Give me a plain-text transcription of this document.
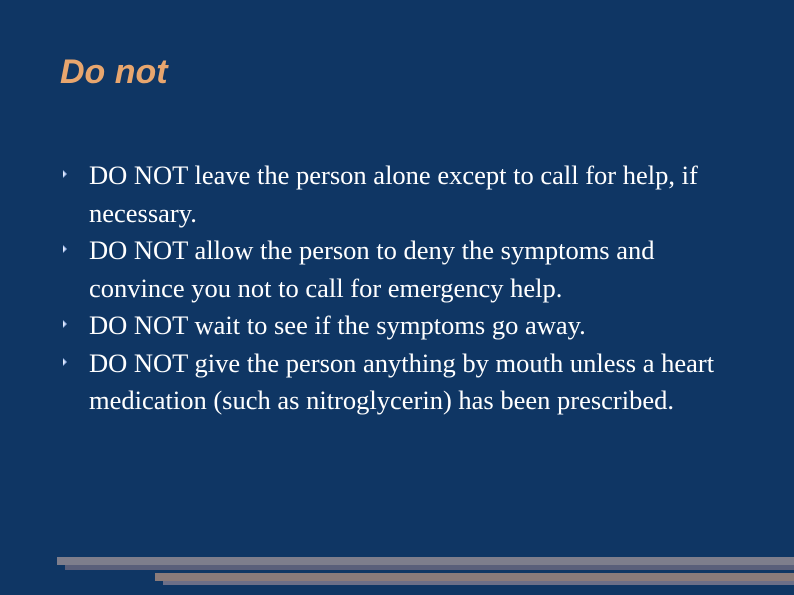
Do not
DO NOT leave the person alone except to call for help, if necessary.
DO NOT allow the person to deny the symptoms and convince you not to call for emergency help.
DO NOT wait to see if the symptoms go away.
DO NOT give the person anything by mouth unless a heart medication (such as nitroglycerin) has been prescribed.
